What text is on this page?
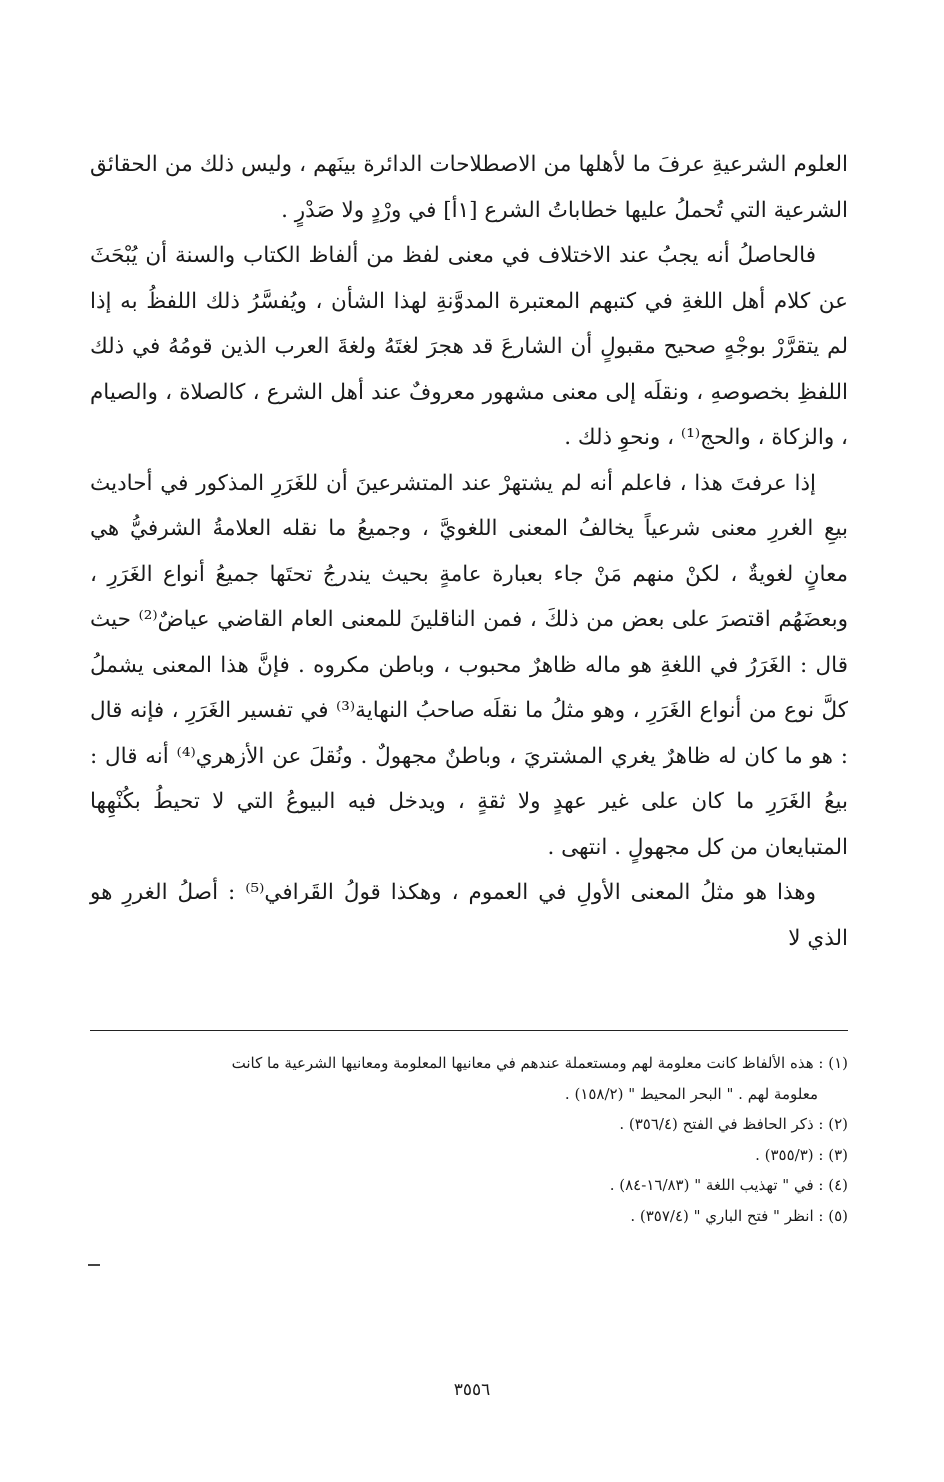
العلوم الشرعيةِ عرفَ ما لأهلها من الاصطلاحات الدائرة بينَهم ، وليس ذلك من الحقائق الشرعية التي تُحملُ عليها خطاباتُ الشرع [١أ] في ورْدٍ ولا صَدْرٍ .

فالحاصلُ أنه يجبُ عند الاختلاف في معنى لفظ من ألفاظ الكتاب والسنة أن يُبْحَثَ عن كلام أهل اللغةِ في كتبهم المعتبرة المدوَّنةِ لهذا الشأن ، ويُفسَّرُ ذلك اللفظُ به إذا لم يتقرَّرْ بوجْهٍ صحيح مقبولٍ أن الشارعَ قد هجرَ لغتَهُ ولغةَ العرب الذين قومُهُ في ذلك اللفظِ بخصوصهِ ، ونقلَه إلى معنى مشهور معروفٌ عند أهل الشرع ، كالصلاة ، والصيام ، والزكاة ، والحج⁽¹⁾ ، ونحوِ ذلك .

إذا عرفتَ هذا ، فاعلم أنه لم يشتهرْ عند المتشرعينَ أن للغَرَرِ المذكور في أحاديث بيعِ الغررِ معنى شرعياً يخالفُ المعنى اللغويَّ ، وجميعُ ما نقله العلامةُ الشرفيُّ هي معانٍ لغويةٌ ، لكنْ منهم مَنْ جاء بعبارة عامةٍ بحيث يندرجُ تحتَها جميعُ أنواع الغَرَرِ ، وبعضَهُم اقتصرَ على بعض من ذلكَ ، فمن الناقلينَ للمعنى العام القاضي عياضٌ⁽²⁾ حيث قال : الغَرَرُ في اللغةِ هو ماله ظاهرٌ محبوب ، وباطن مكروه . فإنَّ هذا المعنى يشملُ كلَّ نوع من أنواع الغَرَرِ ، وهو مثلُ ما نقلَه صاحبُ النهاية⁽³⁾ في تفسير الغَرَرِ ، فإنه قال : هو ما كان له ظاهرٌ يغري المشتريَ ، وباطنٌ مجهولٌ . ونُقلَ عن الأزهري⁽⁴⁾ أنه قال : بيعُ الغَرَرِ ما كان على غير عهدٍ ولا ثقةٍ ، ويدخل فيه البيوعُ التي لا تحيطُ بكُنْهِها المتبايعان من كل مجهولٍ . انتهى .

وهذا هو مثلُ المعنى الأولِ في العموم ، وهكذا قولُ القَرافي⁽⁵⁾ : أصلُ الغررِ هو الذي لا

(١) : هذه الألفاظ كانت معلومة لهم ومستعملة عندهم في معانيها المعلومة ومعانيها الشرعية ما كانت

معلومة لهم . " البحر المحيط " (١٥٨/٢) .

(٢) : ذكر الحافظ في الفتح (٣٥٦/٤) .

(٣) : (٣٥٥/٣) .

(٤) : في " تهذيب اللغة " (١٦/٨٣-٨٤) .

(٥) : انظر " فتح الباري " (٣٥٧/٤) .

٣٥٥٦
